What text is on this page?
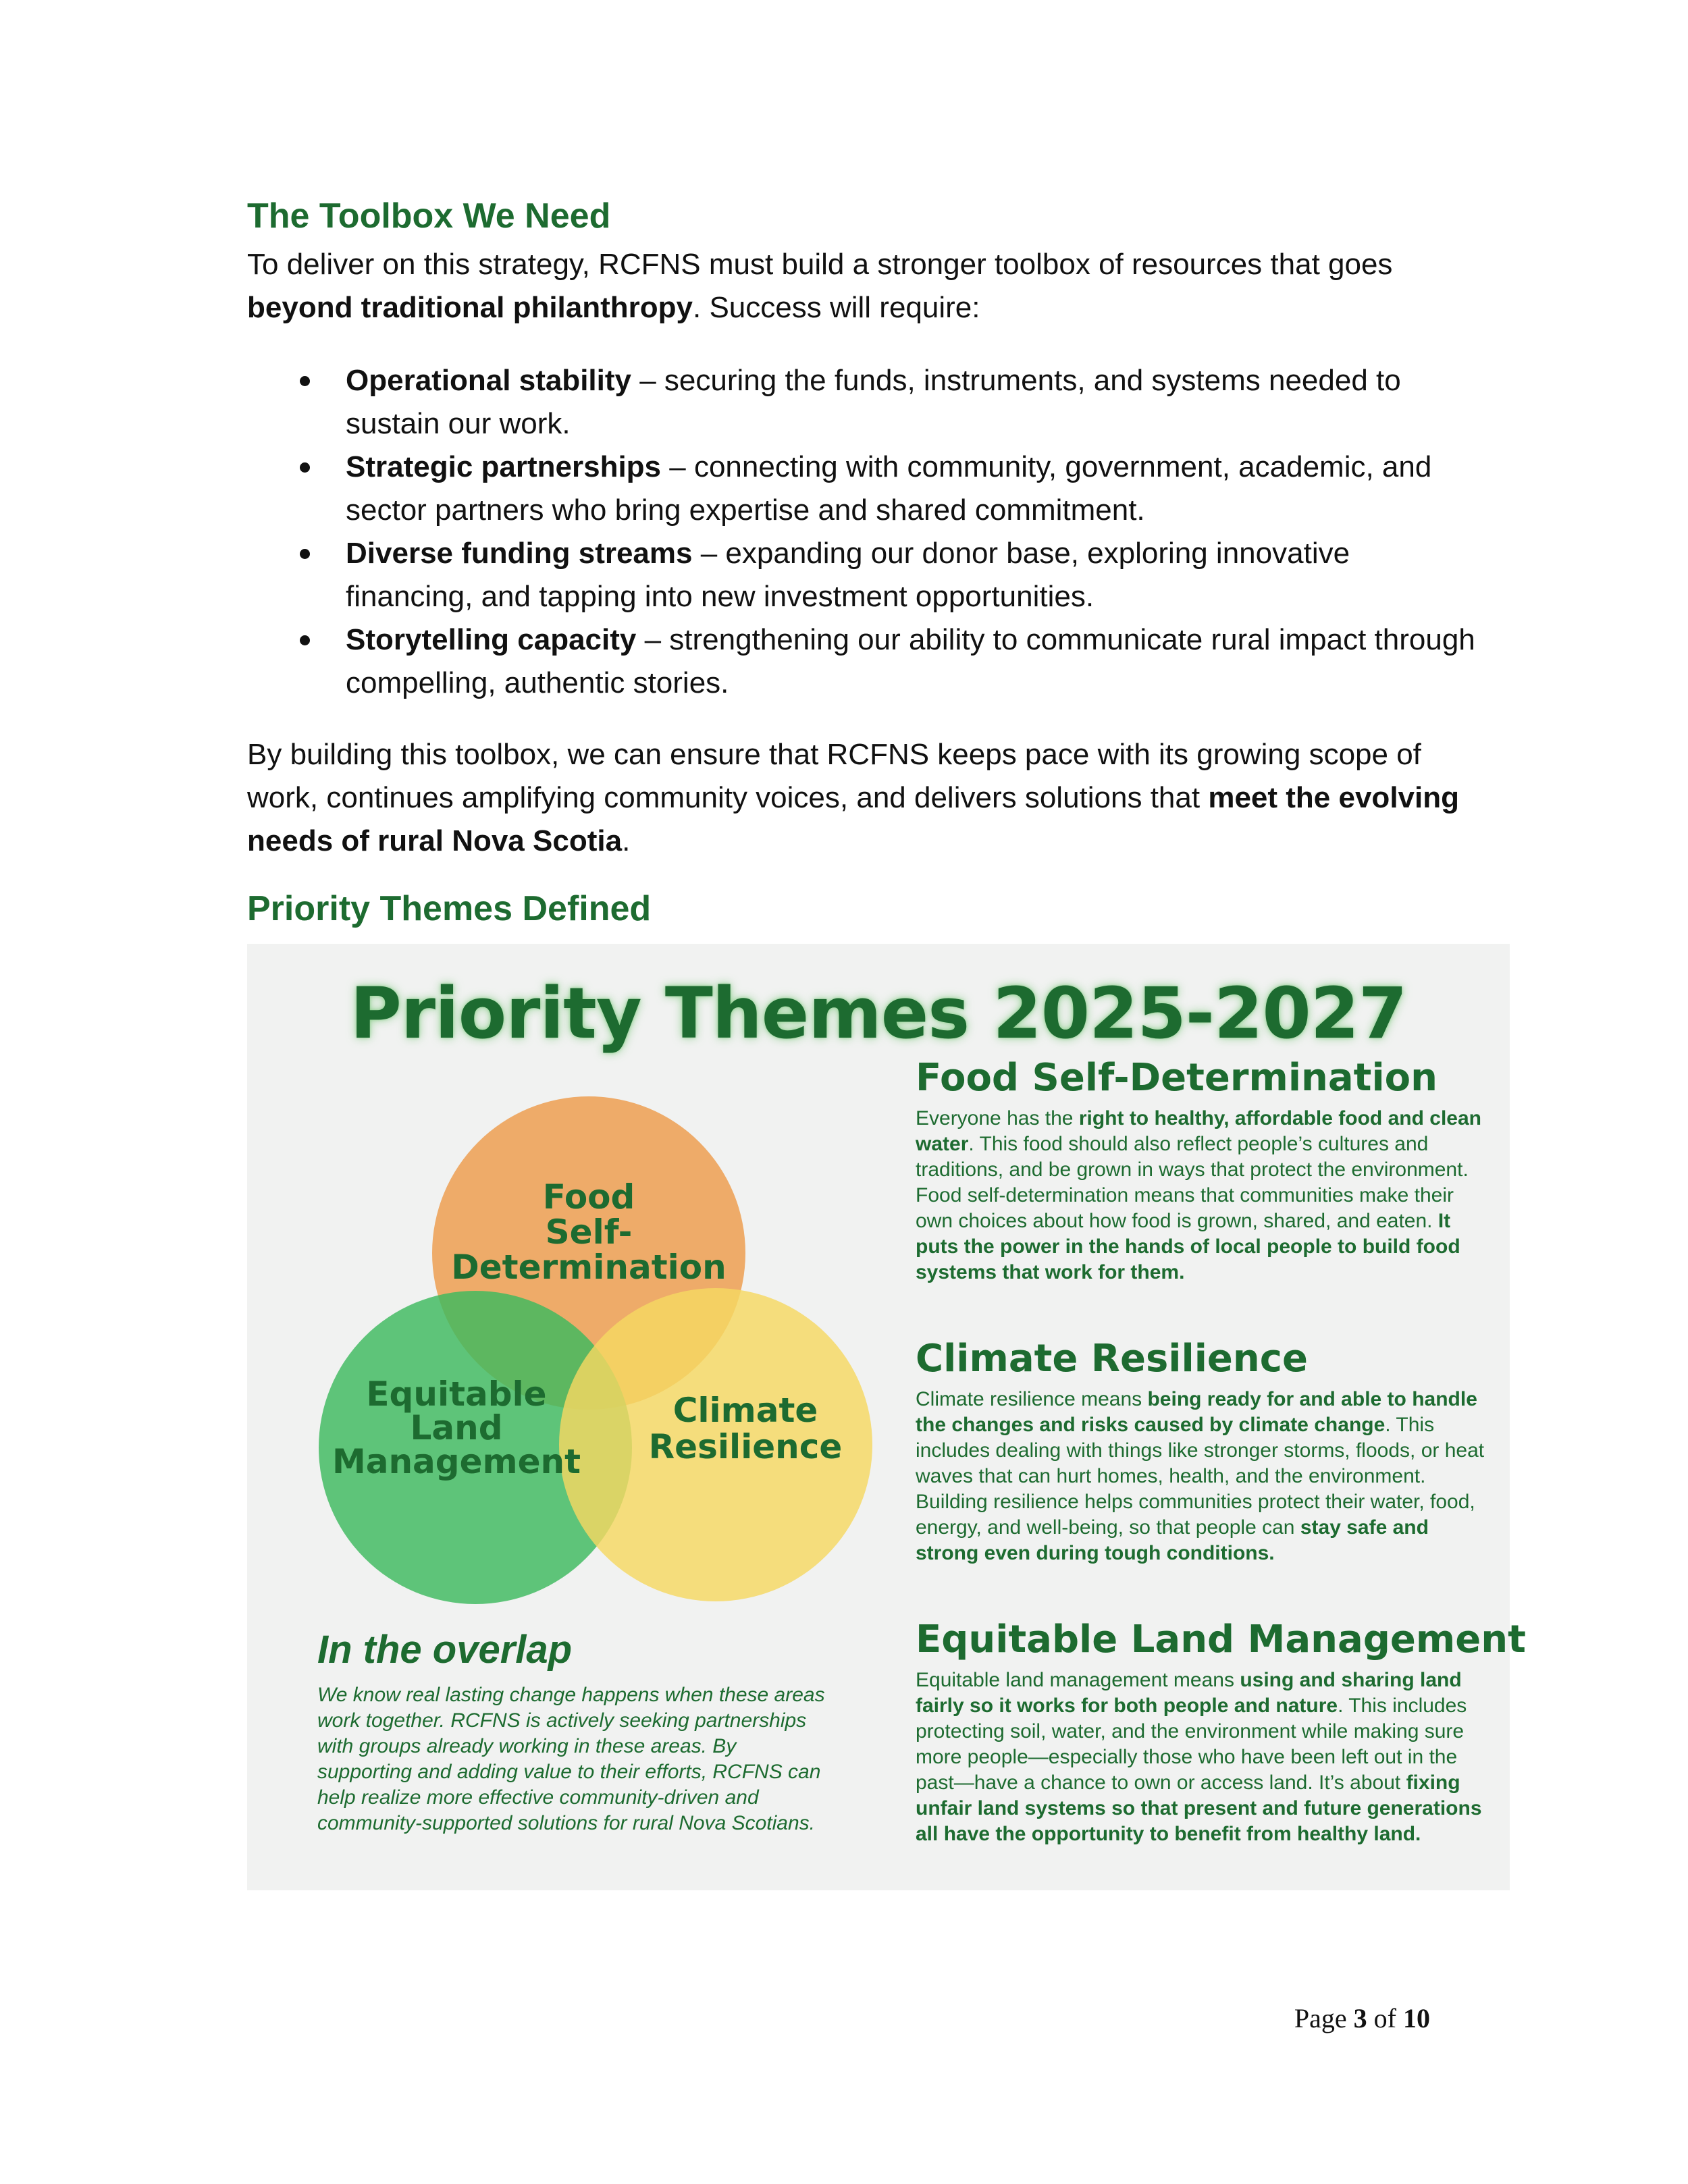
The Toolbox We Need

To deliver on this strategy, RCFNS must build a stronger toolbox of resources that goes beyond traditional philanthropy. Success will require:

Operational stability – securing the funds, instruments, and systems needed to sustain our work.
Strategic partnerships – connecting with community, government, academic, and sector partners who bring expertise and shared commitment.
Diverse funding streams – expanding our donor base, exploring innovative financing, and tapping into new investment opportunities.
Storytelling capacity – strengthening our ability to communicate rural impact through compelling, authentic stories.

By building this toolbox, we can ensure that RCFNS keeps pace with its growing scope of work, continues amplifying community voices, and delivers solutions that meet the evolving needs of rural Nova Scotia.

Priority Themes Defined
Priority Themes 2025-2027
Food
Self-
Determination
Equitable
Land
Management
Climate
Resilience
In the overlap

We know real lasting change happens when these areas work together. RCFNS is actively seeking partnerships with groups already working in these areas. By supporting and adding value to their efforts, RCFNS can help realize more effective community-driven and community-supported solutions for rural Nova Scotians.

Food Self-Determination

Everyone has the right to healthy, affordable food and clean water. This food should also reflect people’s cultures and traditions, and be grown in ways that protect the environment. Food self-determination means that communities make their own choices about how food is grown, shared, and eaten. It puts the power in the hands of local people to build food systems that work for them.

Climate Resilience

Climate resilience means being ready for and able to handle the changes and risks caused by climate change. This includes dealing with things like stronger storms, floods, or heat waves that can hurt homes, health, and the environment. Building resilience helps communities protect their water, food, energy, and well-being, so that people can stay safe and strong even during tough conditions.

Equitable Land Management

Equitable land management means using and sharing land fairly so it works for both people and nature. This includes protecting soil, water, and the environment while making sure more people—especially those who have been left out in the past—have a chance to own or access land. It’s about fixing unfair land systems so that present and future generations all have the opportunity to benefit from healthy land.

Page 3 of 10
